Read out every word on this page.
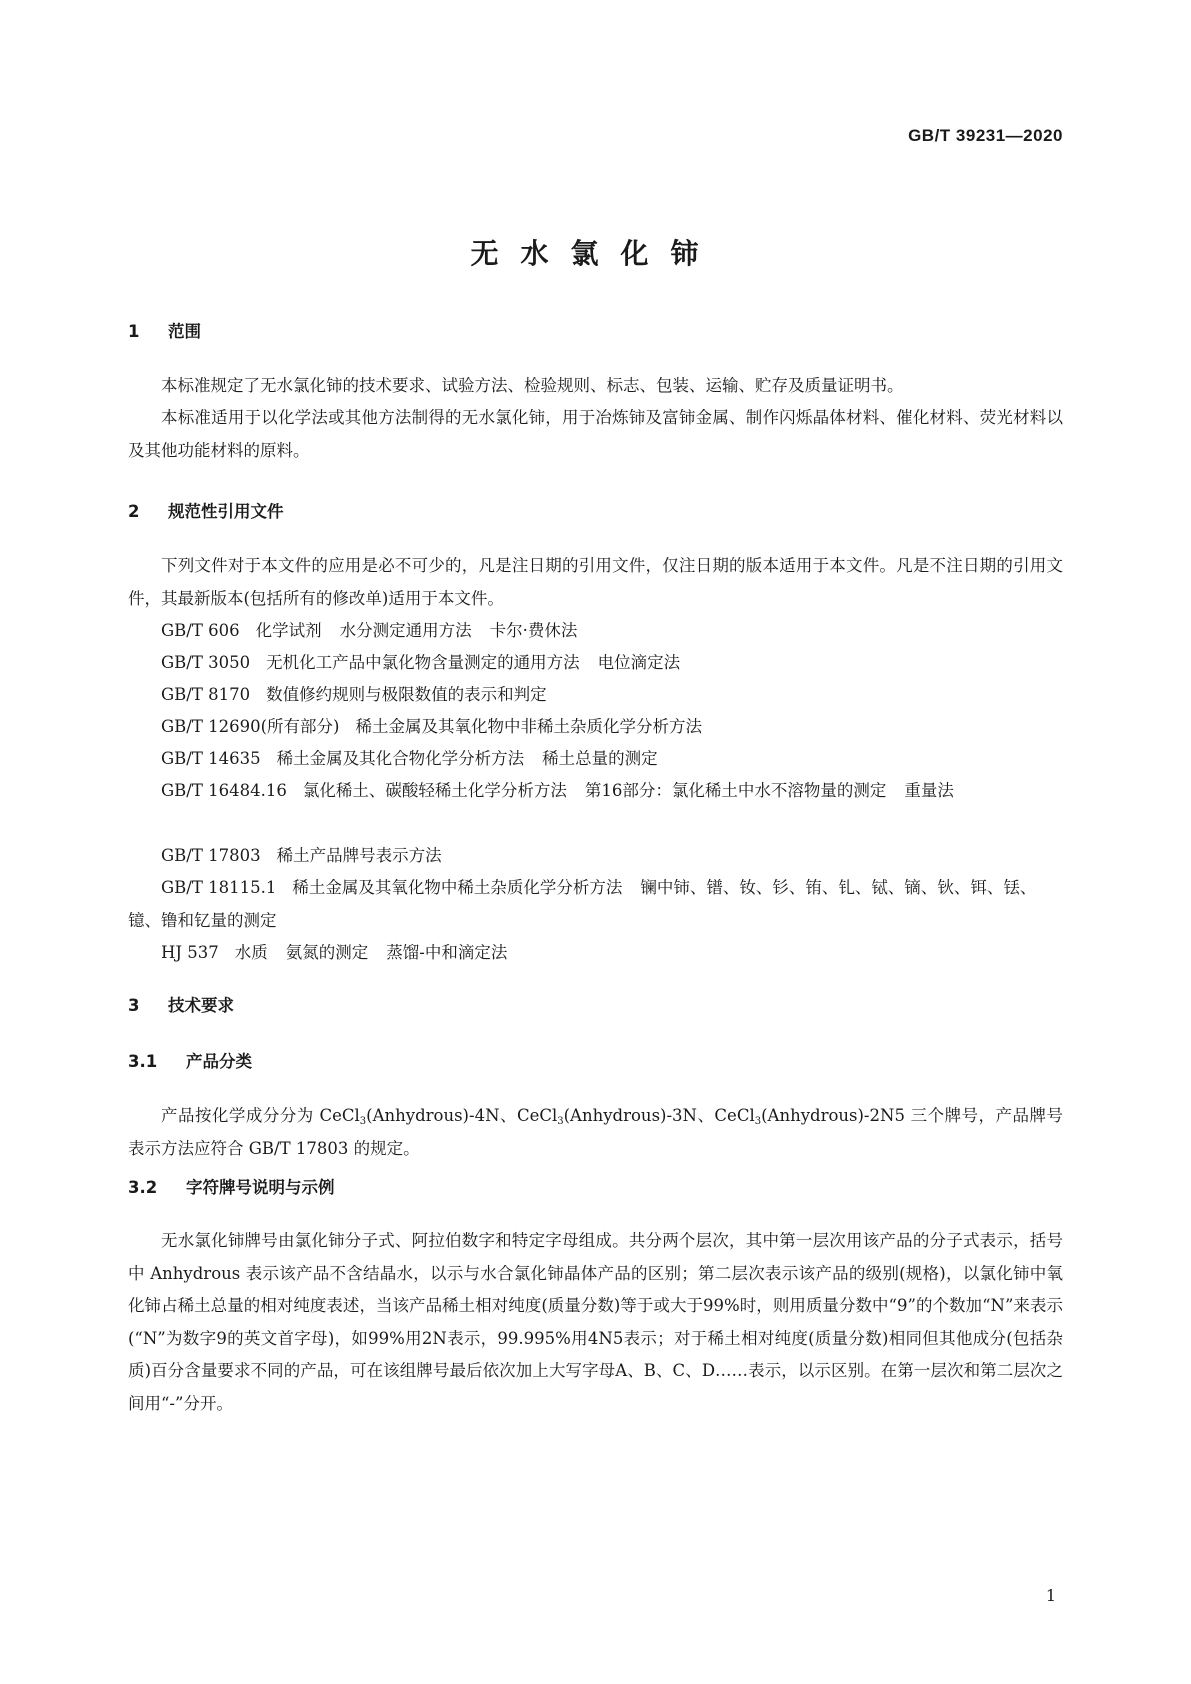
GB/T 39231—2020
无水氯化铈
1 范围
本标准规定了无水氯化铈的技术要求、试验方法、检验规则、标志、包装、运输、贮存及质量证明书。
本标准适用于以化学法或其他方法制得的无水氯化铈，用于冶炼铈及富铈金属、制作闪烁晶体材料、催化材料、荧光材料以及其他功能材料的原料。
2 规范性引用文件
下列文件对于本文件的应用是必不可少的，凡是注日期的引用文件，仅注日期的版本适用于本文件。凡是不注日期的引用文件，其最新版本(包括所有的修改单)适用于本文件。
GB/T 606 化学试剂 水分测定通用方法 卡尔·费休法
GB/T 3050 无机化工产品中氯化物含量测定的通用方法 电位滴定法
GB/T 8170 数值修约规则与极限数值的表示和判定
GB/T 12690(所有部分) 稀土金属及其氧化物中非稀土杂质化学分析方法
GB/T 14635 稀土金属及其化合物化学分析方法 稀土总量的测定
GB/T 16484.16 氯化稀土、碳酸轻稀土化学分析方法 第16部分：氯化稀土中水不溶物量的测定 重量法
GB/T 17803 稀土产品牌号表示方法
GB/T 18115.1 稀土金属及其氧化物中稀土杂质化学分析方法 镧中铈、镨、钕、钐、铕、钆、铽、镝、钬、铒、铥、镱、镥和钇量的测定
HJ 537 水质 氨氮的测定 蒸馏-中和滴定法
3 技术要求
3.1 产品分类
产品按化学成分分为 CeCl$_3$(Anhydrous)-4N、CeCl$_3$(Anhydrous)-3N、CeCl$_3$(Anhydrous)-2N5 三个牌号，产品牌号表示方法应符合 GB/T 17803 的规定。
3.2 字符牌号说明与示例
无水氯化铈牌号由氯化铈分子式、阿拉伯数字和特定字母组成。共分两个层次，其中第一层次用该产品的分子式表示，括号中 Anhydrous 表示该产品不含结晶水，以示与水合氯化铈晶体产品的区别；第二层次表示该产品的级别(规格)，以氯化铈中氧化铈占稀土总量的相对纯度表述，当该产品稀土相对纯度(质量分数)等于或大于99%时，则用质量分数中“9”的个数加“N”来表示(“N”为数字9的英文首字母)，如99%用2N表示，99.995%用4N5表示；对于稀土相对纯度(质量分数)相同但其他成分(包括杂质)百分含量要求不同的产品，可在该组牌号最后依次加上大写字母A、B、C、D……表示，以示区别。在第一层次和第二层次之间用“-”分开。
1
